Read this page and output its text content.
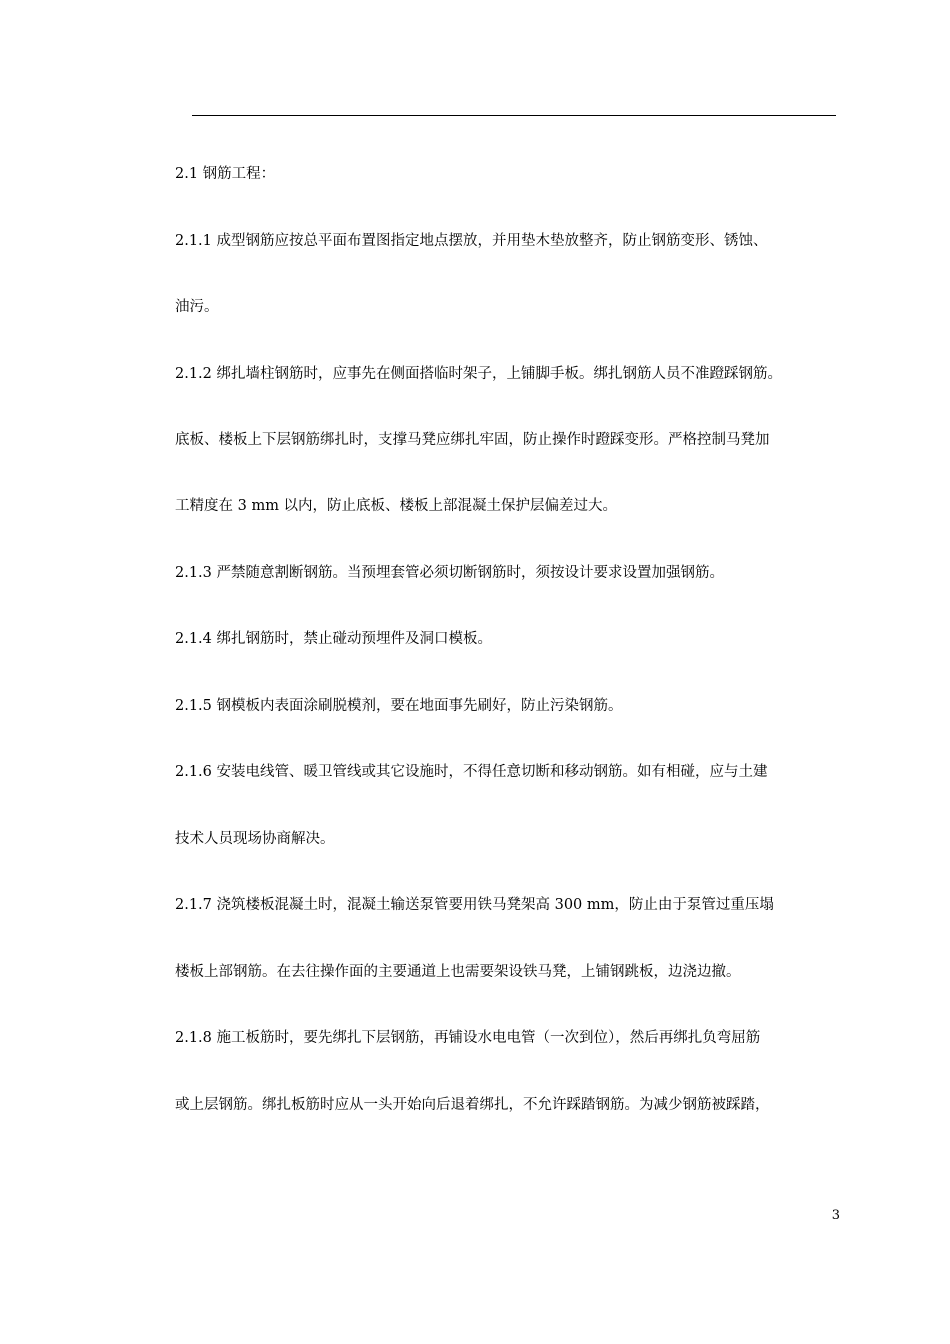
2.1 钢筋工程：
2.1.1 成型钢筋应按总平面布置图指定地点摆放，并用垫木垫放整齐，防止钢筋变形、锈蚀、
油污。
2.1.2 绑扎墙柱钢筋时，应事先在侧面搭临时架子，上铺脚手板。绑扎钢筋人员不准蹬踩钢筋。
底板、楼板上下层钢筋绑扎时，支撑马凳应绑扎牢固，防止操作时蹬踩变形。严格控制马凳加
工精度在 3 mm 以内，防止底板、楼板上部混凝土保护层偏差过大。
2.1.3 严禁随意割断钢筋。当预埋套管必须切断钢筋时，须按设计要求设置加强钢筋。
2.1.4 绑扎钢筋时，禁止碰动预埋件及洞口模板。
2.1.5 钢模板内表面涂刷脱模剂，要在地面事先刷好，防止污染钢筋。
2.1.6 安装电线管、暖卫管线或其它设施时，不得任意切断和移动钢筋。如有相碰，应与土建
技术人员现场协商解决。
2.1.7 浇筑楼板混凝土时，混凝土输送泵管要用铁马凳架高 300 mm，防止由于泵管过重压塌
楼板上部钢筋。在去往操作面的主要通道上也需要架设铁马凳，上铺钢跳板，边浇边撤。
2.1.8 施工板筋时，要先绑扎下层钢筋，再铺设水电电管（一次到位），然后再绑扎负弯屈筋
或上层钢筋。绑扎板筋时应从一头开始向后退着绑扎，不允许踩踏钢筋。为减少钢筋被踩踏，
3
